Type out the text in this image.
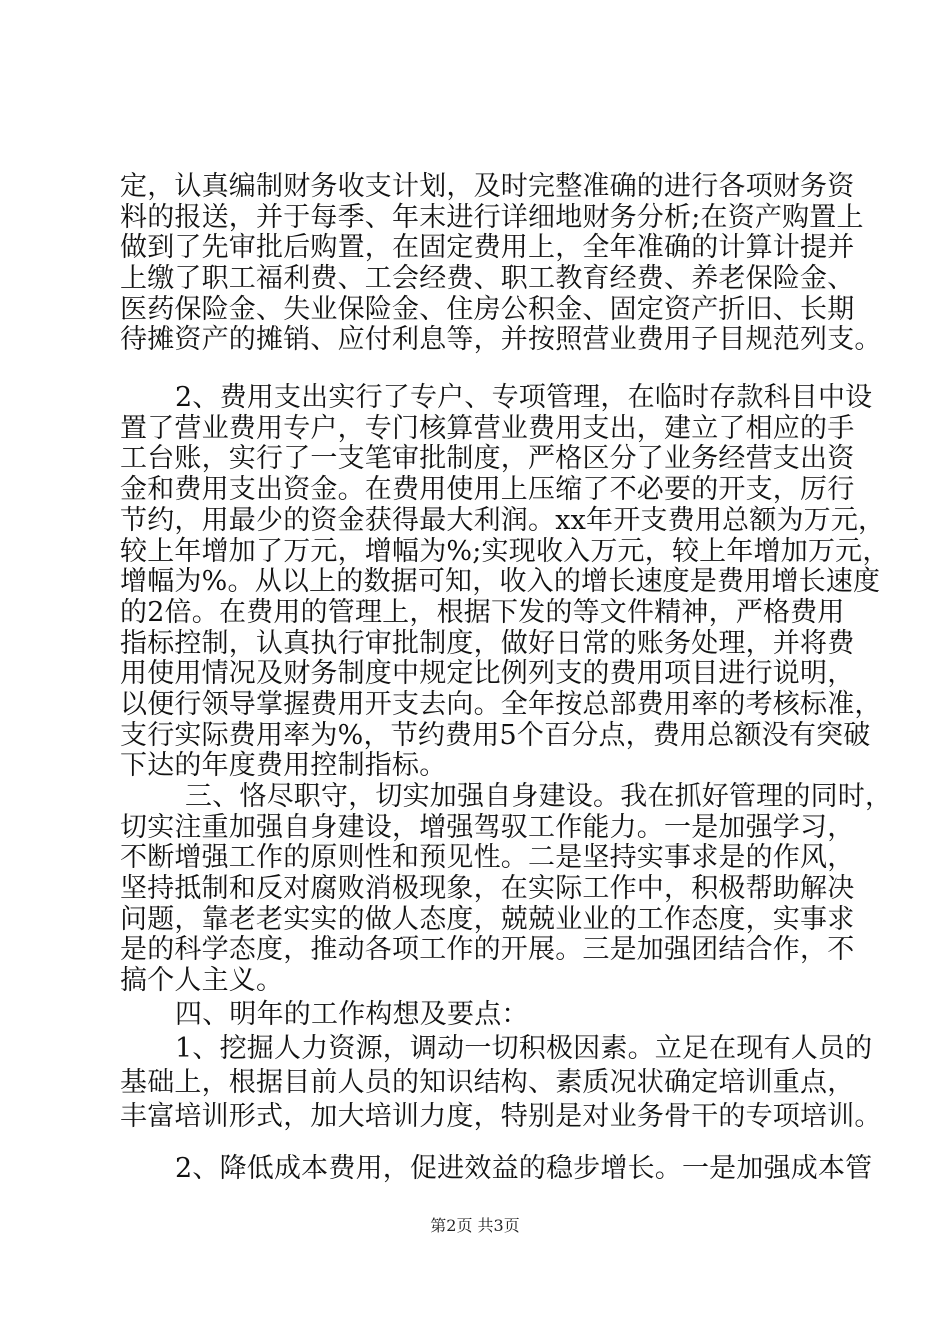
定，认真编制财务收支计划，及时完整准确的进行各项财务资
料的报送，并于每季、年末进行详细地财务分析;在资产购置上
做到了先审批后购置，在固定费用上，全年准确的计算计提并
上缴了职工福利费、工会经费、职工教育经费、养老保险金、
医药保险金、失业保险金、住房公积金、固定资产折旧、长期
待摊资产的摊销、应付利息等，并按照营业费用子目规范列支。
2、费用支出实行了专户、专项管理，在临时存款科目中设
置了营业费用专户，专门核算营业费用支出，建立了相应的手
工台账，实行了一支笔审批制度，严格区分了业务经营支出资
金和费用支出资金。在费用使用上压缩了不必要的开支，厉行
节约，用最少的资金获得最大利润。xx年开支费用总额为万元，
较上年增加了万元，增幅为%;实现收入万元，较上年增加万元，
增幅为%。从以上的数据可知，收入的增长速度是费用增长速度
的2倍。在费用的管理上，根据下发的等文件精神，严格费用
指标控制，认真执行审批制度，做好日常的账务处理，并将费
用使用情况及财务制度中规定比例列支的费用项目进行说明，
以便行领导掌握费用开支去向。全年按总部费用率的考核标准，
支行实际费用率为%，节约费用5个百分点，费用总额没有突破
下达的年度费用控制指标。
三、恪尽职守，切实加强自身建设。我在抓好管理的同时，
切实注重加强自身建设，增强驾驭工作能力。一是加强学习，
不断增强工作的原则性和预见性。二是坚持实事求是的作风，
坚持抵制和反对腐败消极现象，在实际工作中，积极帮助解决
问题，靠老老实实的做人态度，兢兢业业的工作态度，实事求
是的科学态度，推动各项工作的开展。三是加强团结合作，不
搞个人主义。
四、明年的工作构想及要点：
1、挖掘人力资源，调动一切积极因素。立足在现有人员的
基础上，根据目前人员的知识结构、素质况状确定培训重点，
丰富培训形式，加大培训力度，特别是对业务骨干的专项培训。
2、降低成本费用，促进效益的稳步增长。一是加强成本管
第2页 共3页
